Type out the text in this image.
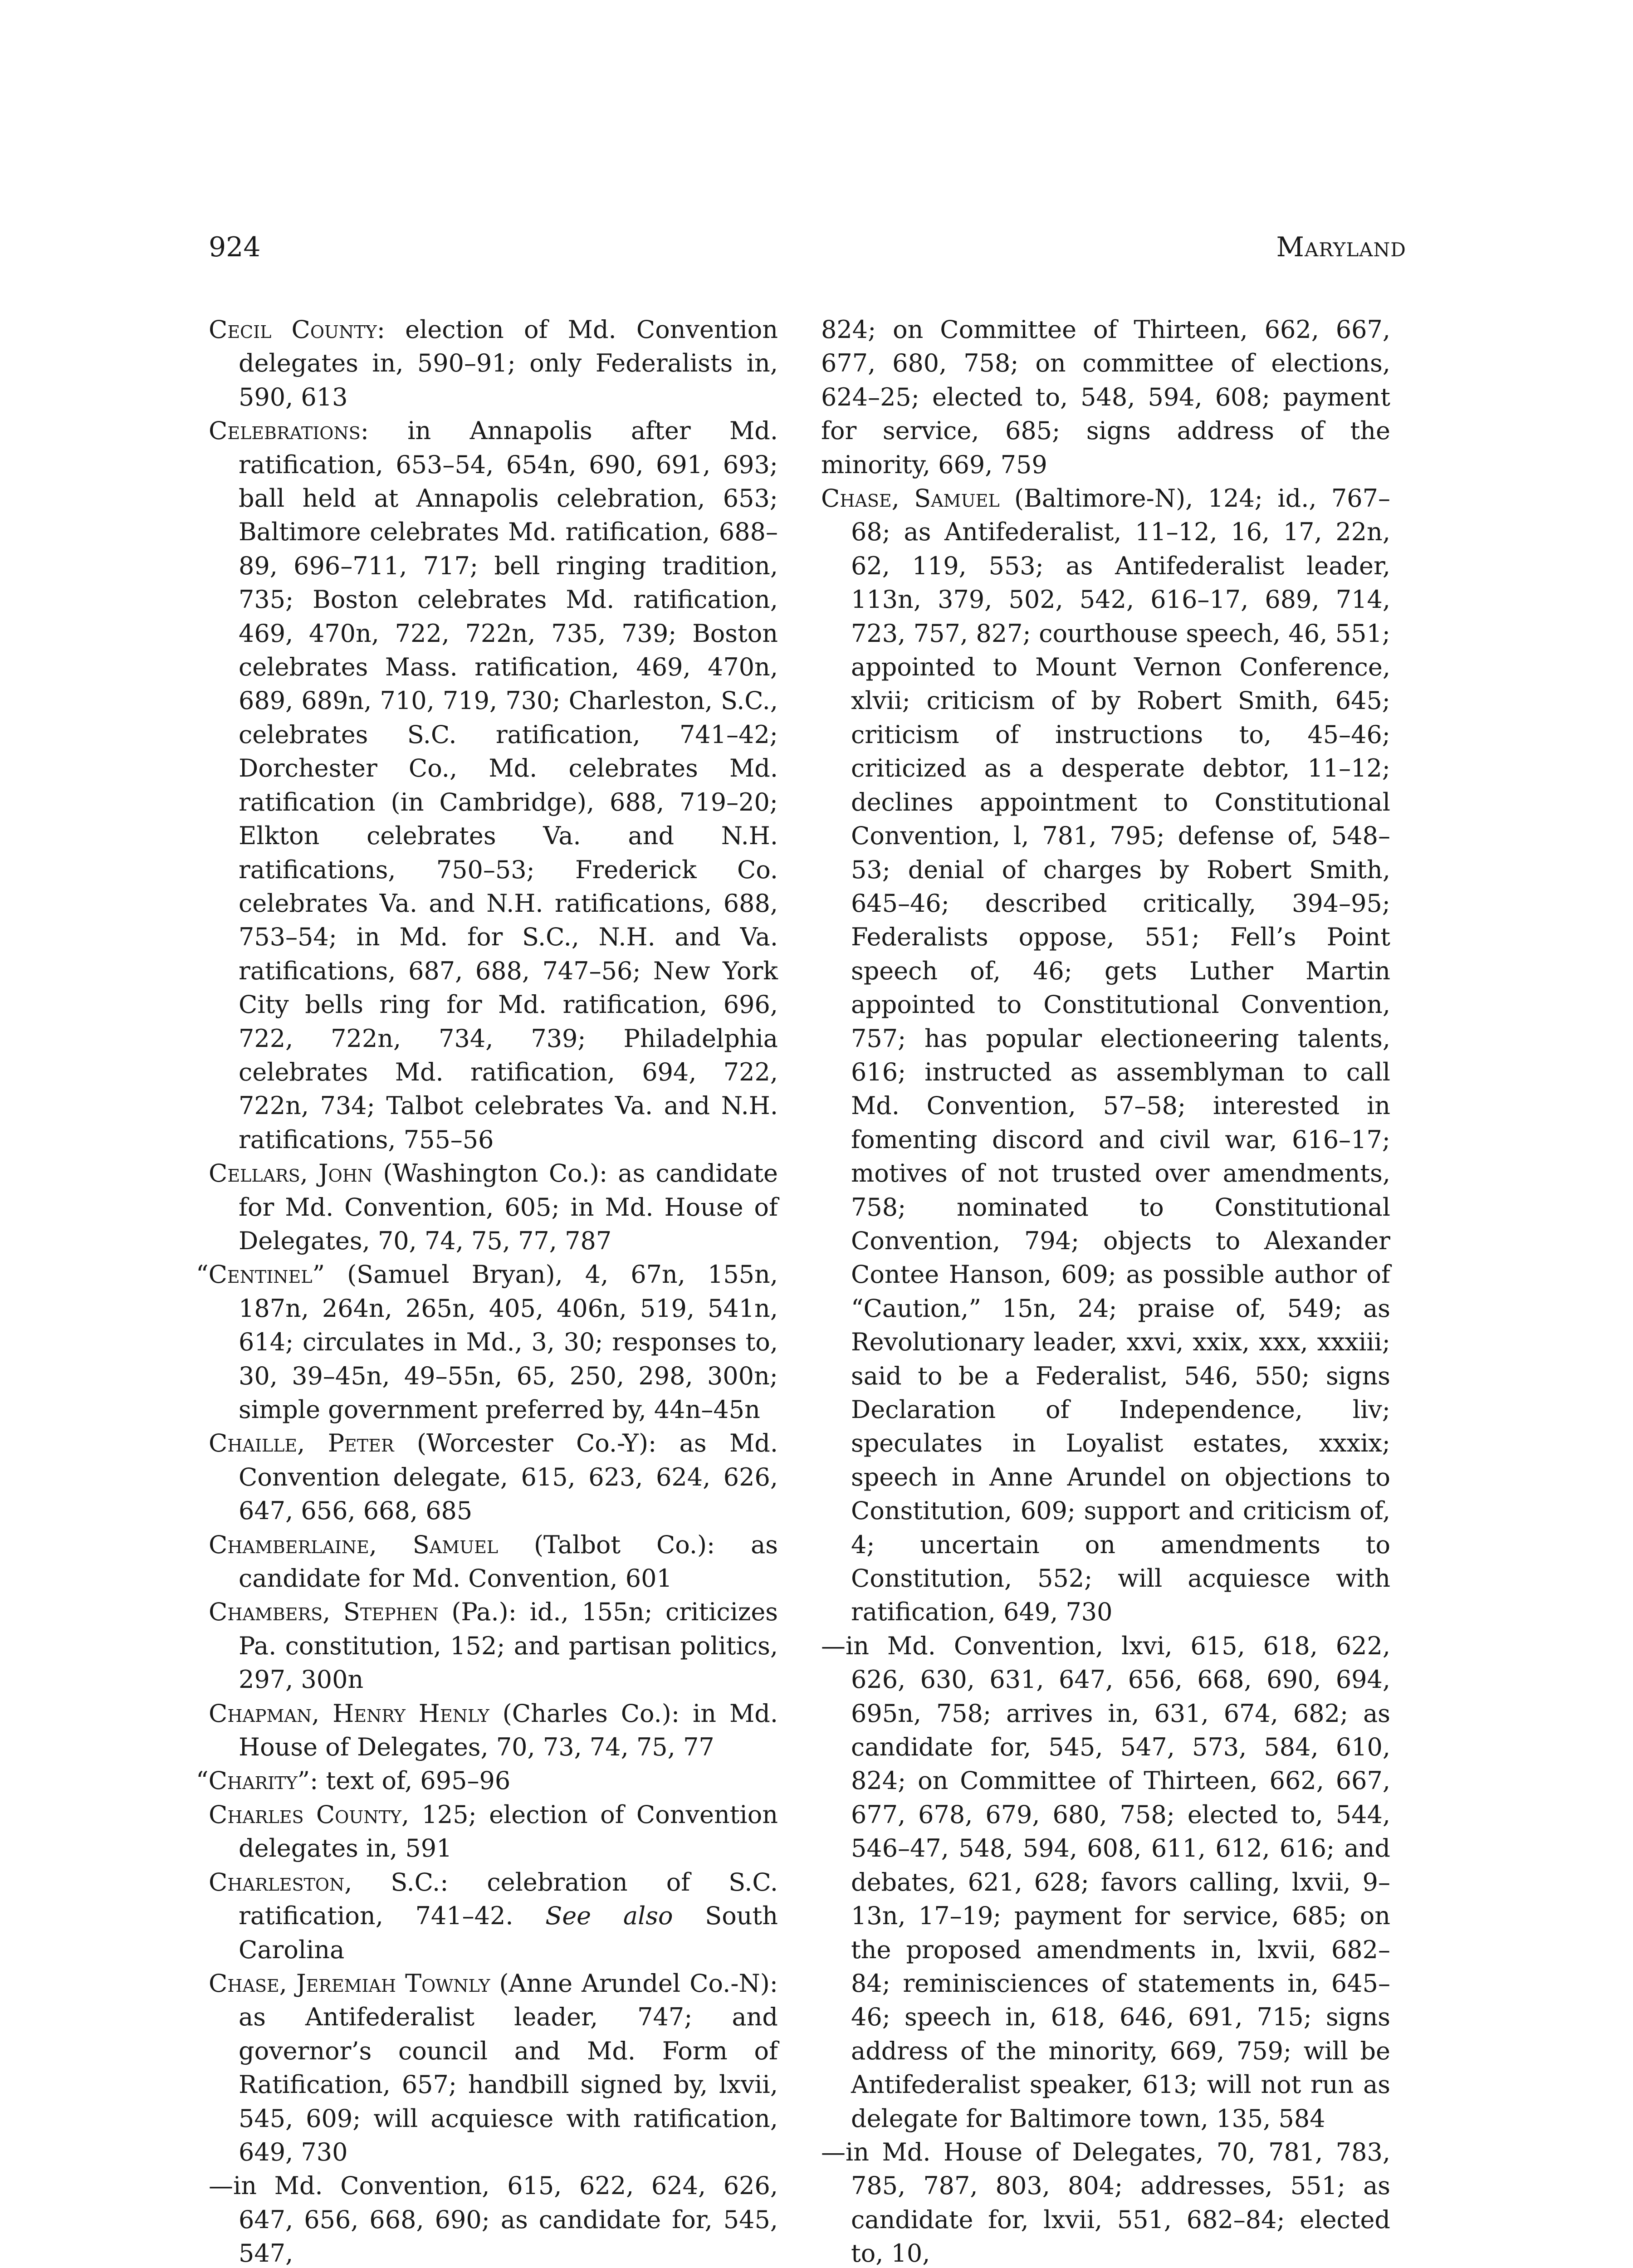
924	Maryland

Cecil County: election of Md. Convention delegates in, 590–91; only Federalists in, 590, 613

Celebrations: in Annapolis after Md. ratification, 653–54, 654n, 690, 691, 693; ball held at Annapolis celebration, 653; Baltimore celebrates Md. ratification, 688–89, 696–711, 717; bell ringing tradition, 735; Boston celebrates Md. ratification, 469, 470n, 722, 722n, 735, 739; Boston celebrates Mass. ratification, 469, 470n, 689, 689n, 710, 719, 730; Charleston, S.C., celebrates S.C. ratification, 741–42; Dorchester Co., Md. celebrates Md. ratification (in Cambridge), 688, 719–20; Elkton celebrates Va. and N.H. ratifications, 750–53; Frederick Co. celebrates Va. and N.H. ratifications, 688, 753–54; in Md. for S.C., N.H. and Va. ratifications, 687, 688, 747–56; New York City bells ring for Md. ratification, 696, 722, 722n, 734, 739; Philadelphia celebrates Md. ratification, 694, 722, 722n, 734; Talbot celebrates Va. and N.H. ratifications, 755–56

Cellars, John (Washington Co.): as candidate for Md. Convention, 605; in Md. House of Delegates, 70, 74, 75, 77, 787

“Centinel” (Samuel Bryan), 4, 67n, 155n, 187n, 264n, 265n, 405, 406n, 519, 541n, 614; circulates in Md., 3, 30; responses to, 30, 39–45n, 49–55n, 65, 250, 298, 300n; simple government preferred by, 44n–45n

Chaille, Peter (Worcester Co.-Y): as Md. Convention delegate, 615, 623, 624, 626, 647, 656, 668, 685

Chamberlaine, Samuel (Talbot Co.): as candidate for Md. Convention, 601

Chambers, Stephen (Pa.): id., 155n; criticizes Pa. constitution, 152; and partisan politics, 297, 300n

Chapman, Henry Henly (Charles Co.): in Md. House of Delegates, 70, 73, 74, 75, 77

“Charity”: text of, 695–96

Charles County, 125; election of Convention delegates in, 591

Charleston, S.C.: celebration of S.C. ratification, 741–42. See also South Carolina

Chase, Jeremiah Townly (Anne Arundel Co.-N): as Antifederalist leader, 747; and governor’s council and Md. Form of Ratification, 657; handbill signed by, lxvii, 545, 609; will acquiesce with ratification, 649, 730

—in Md. Convention, 615, 622, 624, 626, 647, 656, 668, 690; as candidate for, 545, 547,

824; on Committee of Thirteen, 662, 667, 677, 680, 758; on committee of elections, 624–25; elected to, 548, 594, 608; payment for service, 685; signs address of the minority, 669, 759

Chase, Samuel (Baltimore-N), 124; id., 767–68; as Antifederalist, 11–12, 16, 17, 22n, 62, 119, 553; as Antifederalist leader, 113n, 379, 502, 542, 616–17, 689, 714, 723, 757, 827; courthouse speech, 46, 551; appointed to Mount Vernon Conference, xlvii; criticism of by Robert Smith, 645; criticism of instructions to, 45–46; criticized as a desperate debtor, 11–12; declines appointment to Constitutional Convention, l, 781, 795; defense of, 548–53; denial of charges by Robert Smith, 645–46; described critically, 394–95; Federalists oppose, 551; Fell’s Point speech of, 46; gets Luther Martin appointed to Constitutional Convention, 757; has popular electioneering talents, 616; instructed as assemblyman to call Md. Convention, 57–58; interested in fomenting discord and civil war, 616–17; motives of not trusted over amendments, 758; nominated to Constitutional Convention, 794; objects to Alexander Contee Hanson, 609; as possible author of “Caution,” 15n, 24; praise of, 549; as Revolutionary leader, xxvi, xxix, xxx, xxxiii; said to be a Federalist, 546, 550; signs Declaration of Independence, liv; speculates in Loyalist estates, xxxix; speech in Anne Arundel on objections to Constitution, 609; support and criticism of, 4; uncertain on amendments to Constitution, 552; will acquiesce with ratification, 649, 730

—in Md. Convention, lxvi, 615, 618, 622, 626, 630, 631, 647, 656, 668, 690, 694, 695n, 758; arrives in, 631, 674, 682; as candidate for, 545, 547, 573, 584, 610, 824; on Committee of Thirteen, 662, 667, 677, 678, 679, 680, 758; elected to, 544, 546–47, 548, 594, 608, 611, 612, 616; and debates, 621, 628; favors calling, lxvii, 9–13n, 17–19; payment for service, 685; on the proposed amendments in, lxvii, 682–84; reminisciences of statements in, 645–46; speech in, 618, 646, 691, 715; signs address of the minority, 669, 759; will be Antifederalist speaker, 613; will not run as delegate for Baltimore town, 135, 584

—in Md. House of Delegates, 70, 781, 783, 785, 787, 803, 804; addresses, 551; as candidate for, lxvii, 551, 682–84; elected to, 10,
